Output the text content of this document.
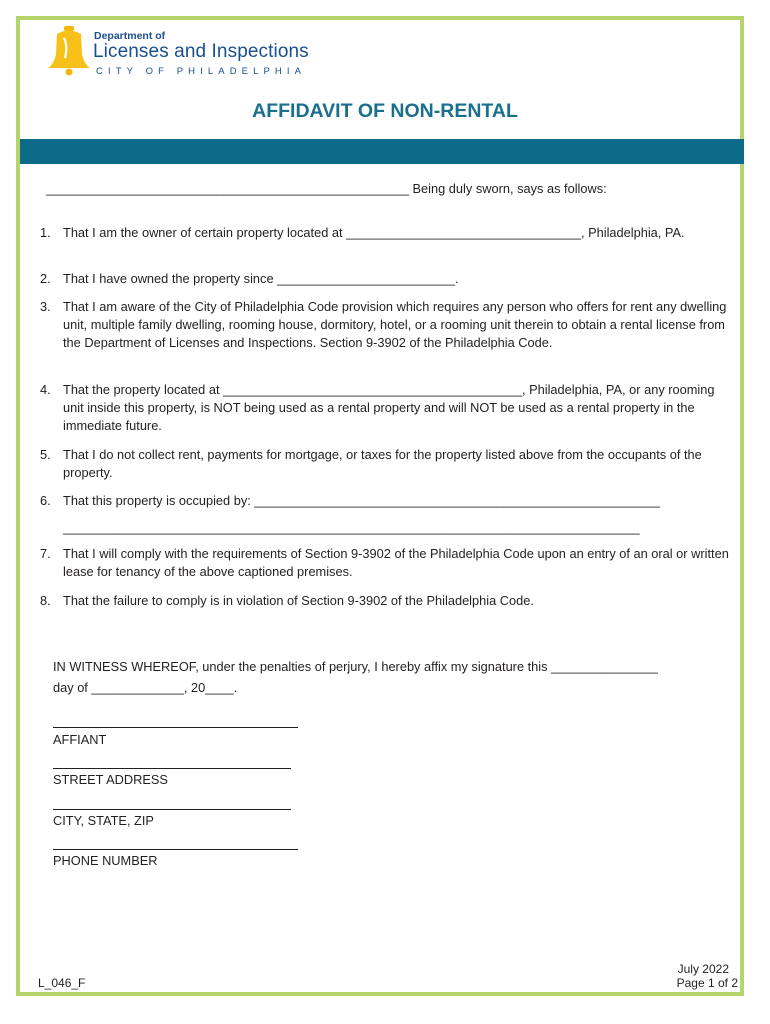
Department of
Licenses and Inspections
CITY OF PHILADELPHIA
AFFIDAVIT OF NON-RENTAL
___________________________________________________ Being duly sworn, says as follows:
1. That I am the owner of certain property located at _________________________________, Philadelphia, PA.
2. That I have owned the property since _________________________.
3. That I am aware of the City of Philadelphia Code provision which requires any person who offers for rent any dwelling unit, multiple family dwelling, rooming house, dormitory, hotel, or a rooming unit therein to obtain a rental license from the Department of Licenses and Inspections. Section 9-3902 of the Philadelphia Code.
4. That the property located at __________________________________________, Philadelphia, PA, or any rooming unit inside this property, is NOT being used as a rental property and will NOT be used as a rental property in the immediate future.
5. That I do not collect rent, payments for mortgage, or taxes for the property listed above from the occupants of the property.
6. That this property is occupied by: _________________________________________________________
_________________________________________________________________________________
7. That I will comply with the requirements of Section 9-3902 of the Philadelphia Code upon an entry of an oral or written lease for tenancy of the above captioned premises.
8. That the failure to comply is in violation of Section 9-3902 of the Philadelphia Code.
IN WITNESS WHEREOF, under the penalties of perjury, I hereby affix my signature this _______________
day of _____________, 20____.
AFFIANT
STREET ADDRESS
CITY, STATE, ZIP
PHONE NUMBER
L_046_F
July 2022
Page 1 of 2
